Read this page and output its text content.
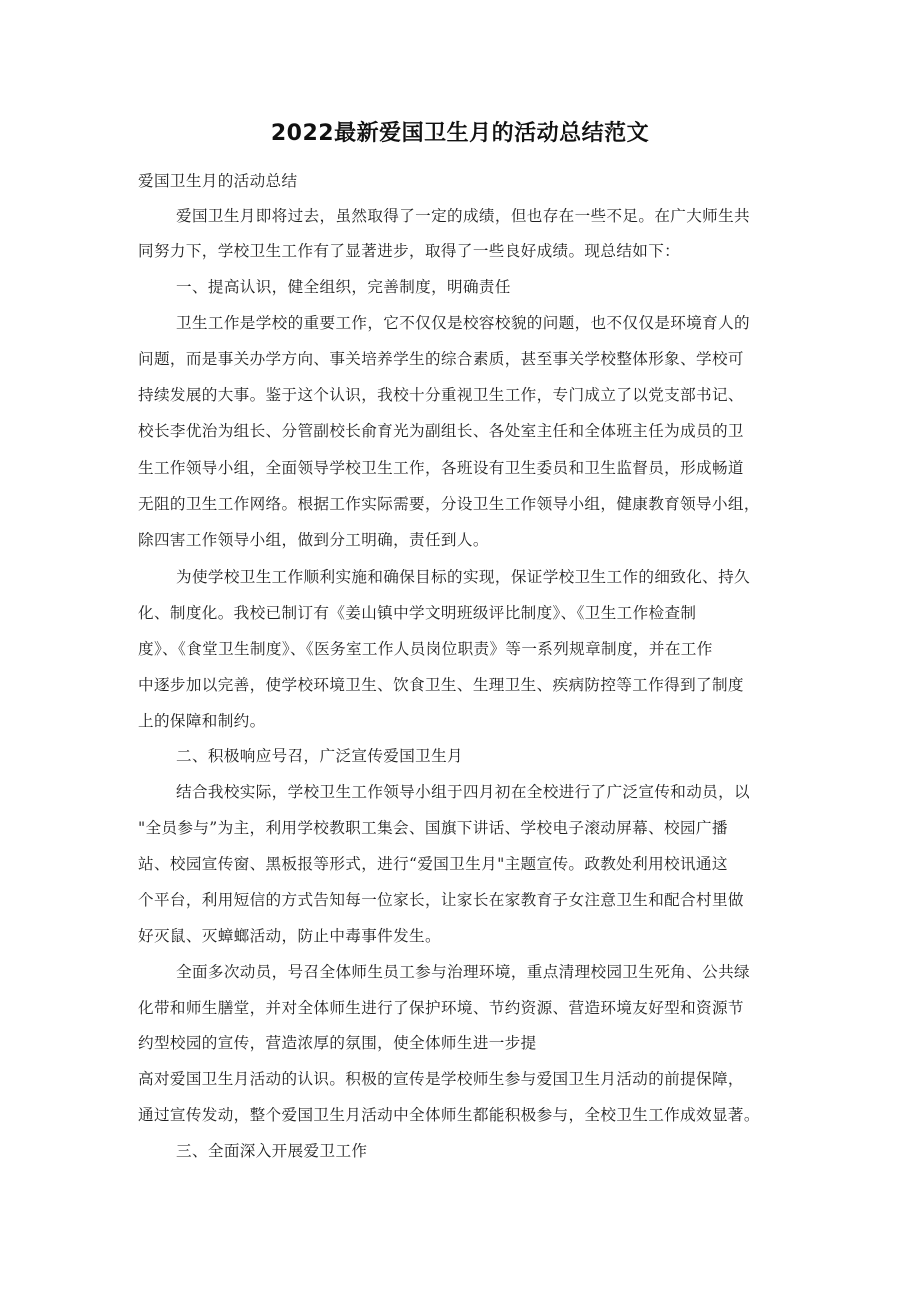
2022最新爱国卫生月的活动总结范文
爱国卫生月的活动总结
爱国卫生月即将过去，虽然取得了一定的成绩，但也存在一些不足。在广大师生共
同努力下，学校卫生工作有了显著进步，取得了一些良好成绩。现总结如下：
一、提高认识，健全组织，完善制度，明确责任
卫生工作是学校的重要工作，它不仅仅是校容校貌的问题，也不仅仅是环境育人的
问题，而是事关办学方向、事关培养学生的综合素质，甚至事关学校整体形象、学校可
持续发展的大事。鉴于这个认识，我校十分重视卫生工作，专门成立了以党支部书记、
校长李优治为组长、分管副校长俞育光为副组长、各处室主任和全体班主任为成员的卫
生工作领导小组，全面领导学校卫生工作，各班设有卫生委员和卫生监督员，形成畅道
无阻的卫生工作网络。根据工作实际需要，分设卫生工作领导小组，健康教育领导小组，
除四害工作领导小组，做到分工明确，责任到人。
为使学校卫生工作顺利实施和确保目标的实现，保证学校卫生工作的细致化、持久
化、制度化。我校已制订有《姜山镇中学文明班级评比制度》、《卫生工作检查制
度》、《食堂卫生制度》、《医务室工作人员岗位职责》等一系列规章制度，并在工作
中逐步加以完善，使学校环境卫生、饮食卫生、生理卫生、疾病防控等工作得到了制度
上的保障和制约。
二、积极响应号召，广泛宣传爱国卫生月
结合我校实际，学校卫生工作领导小组于四月初在全校进行了广泛宣传和动员，以
"全员参与”为主，利用学校教职工集会、国旗下讲话、学校电子滚动屏幕、校园广播
站、校园宣传窗、黑板报等形式，进行“爱国卫生月"主题宣传。政教处利用校讯通这
个平台，利用短信的方式告知每一位家长，让家长在家教育子女注意卫生和配合村里做
好灭鼠、灭蟑螂活动，防止中毒事件发生。
全面多次动员，号召全体师生员工参与治理环境，重点清理校园卫生死角、公共绿
化带和师生膳堂，并对全体师生进行了保护环境、节约资源、营造环境友好型和资源节
约型校园的宣传，营造浓厚的氛围，使全体师生进一步提
高对爱国卫生月活动的认识。积极的宣传是学校师生参与爱国卫生月活动的前提保障，
通过宣传发动，整个爱国卫生月活动中全体师生都能积极参与，全校卫生工作成效显著。
三、全面深入开展爱卫工作
